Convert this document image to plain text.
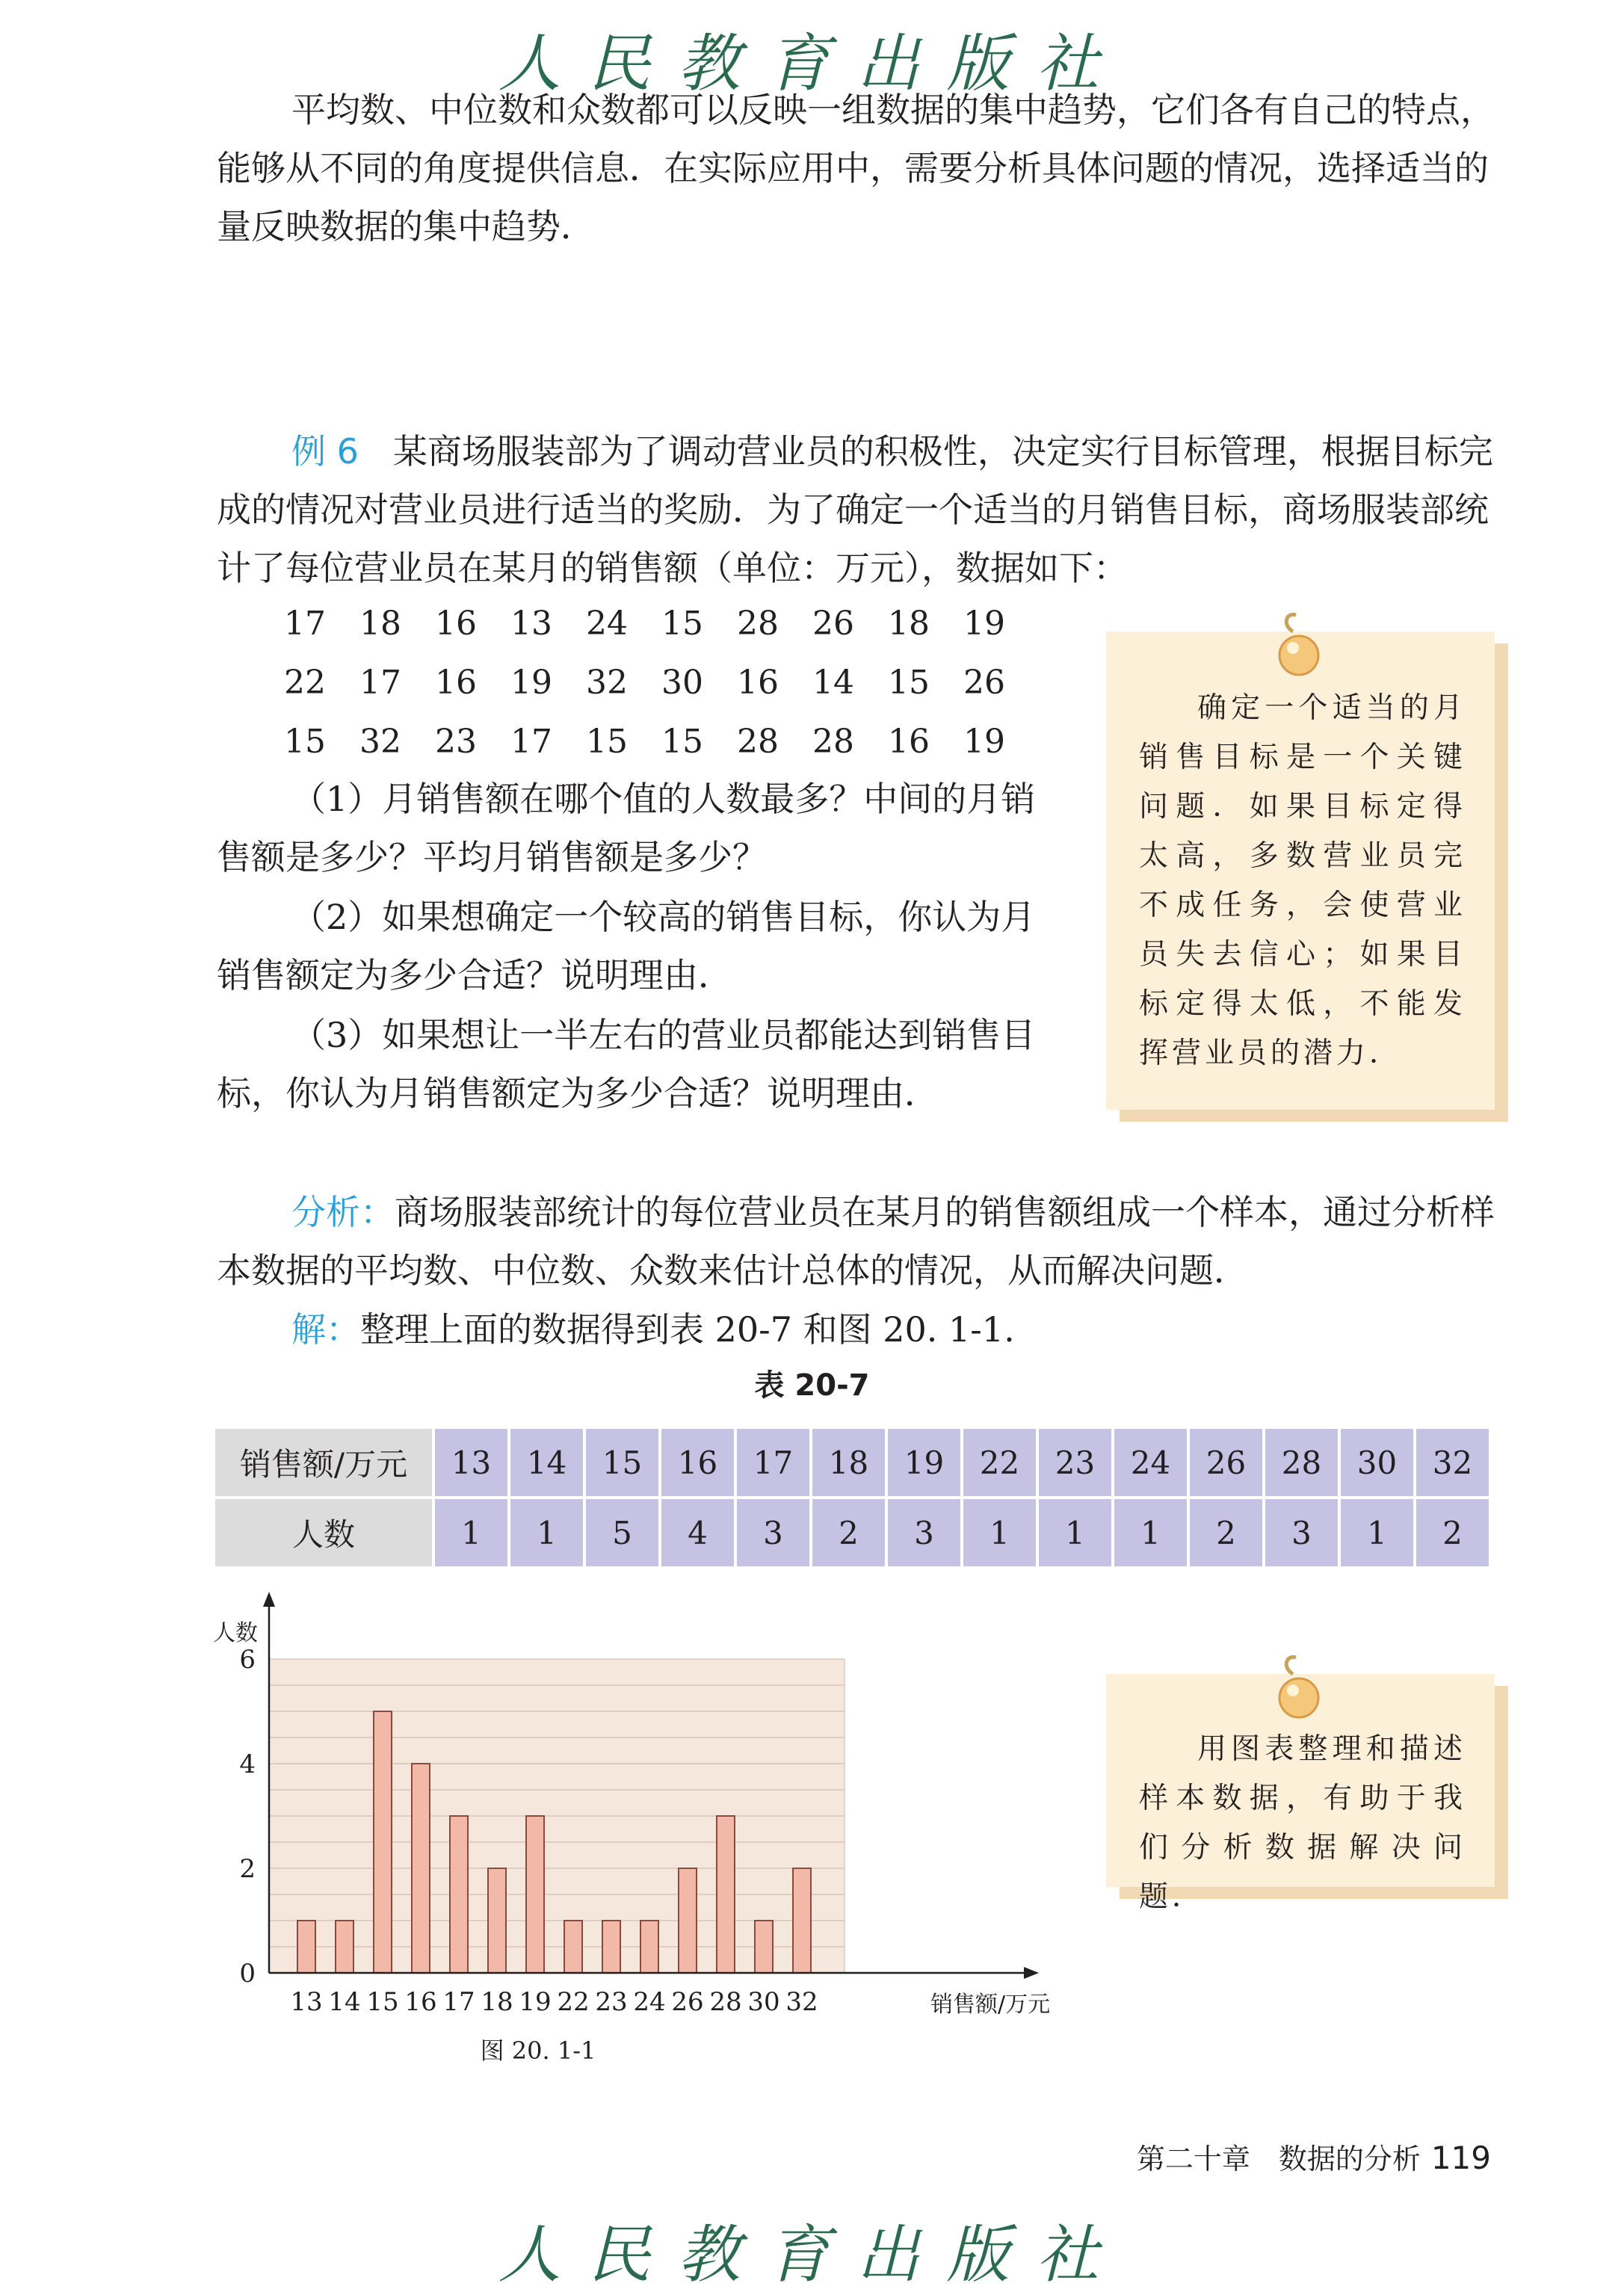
人民教育出版社
平均数、中位数和众数都可以反映一组数据的集中趋势，它们各有自己的特点，能够从不同的角度提供信息．在实际应用中，需要分析具体问题的情况，选择适当的量反映数据的集中趋势．
例 6　 某商场服装部为了调动营业员的积极性，决定实行目标管理，根据目标完成的情况对营业员进行适当的奖励．为了确定一个适当的月销售目标，商场服装部统计了每位营业员在某月的销售额（单位：万元），数据如下：
17 18 16 13 24 15 28 26 18 19
22 17 16 19 32 30 16 14 15 26
15 32 23 17 15 15 28 28 16 19
（1）月销售额在哪个值的人数最多？中间的月销售额是多少？平均月销售额是多少？
（2）如果想确定一个较高的销售目标，你认为月销售额定为多少合适？说明理由．
（3）如果想让一半左右的营业员都能达到销售目标，你认为月销售额定为多少合适？说明理由．
确定一个适当的月销售目标是一个关键问题．如果目标定得太高，多数营业员完不成任务，会使营业员失去信心；如果目标定得太低，不能发挥营业员的潜力．
分析：商场服装部统计的每位营业员在某月的销售额组成一个样本，通过分析样本数据的平均数、中位数、众数来估计总体的情况，从而解决问题．
解：整理上面的数据得到表 20-7 和图 20. 1-1.
表 20-7
销售额/万元	13	14	15	16	17	18	19	22	23	24	26	28	30	32
人数	1	1	5	4	3	2	3	1	1	1	2	3	1	2
13 14 15 16 17 18 19 22 23 24 26 28 30 32
0
2
4
6
人数
销售额/万元
图 20. 1-1
用图表整理和描述样本数据，有助于我们分析数据解决问题．
第二十章　数据的分析 119
人民教育出版社
